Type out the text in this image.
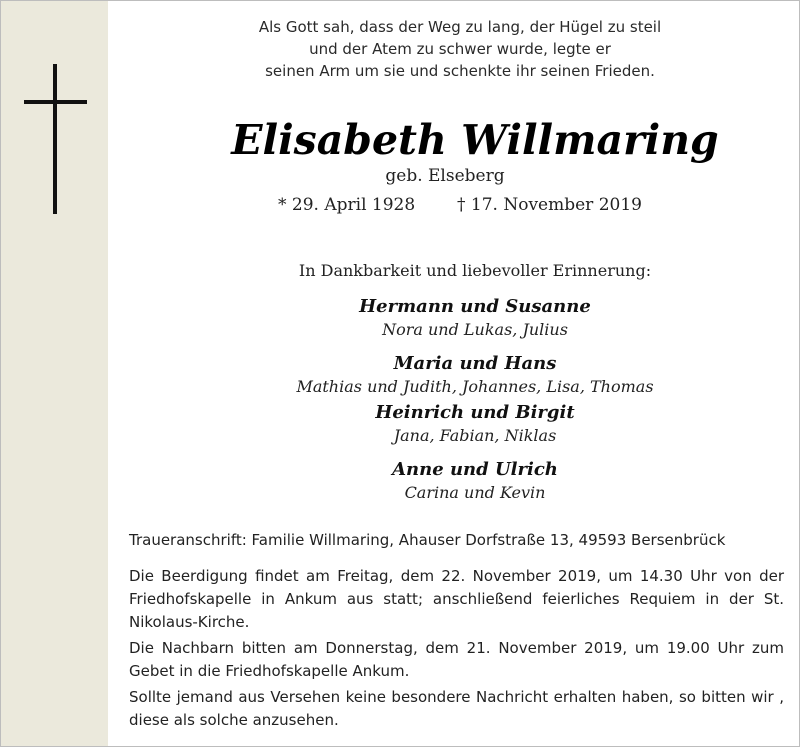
Als Gott sah, dass der Weg zu lang, der Hügel zu steil
und der Atem zu schwer wurde, legte er
seinen Arm um sie und schenkte ihr seinen Frieden.
Elisabeth Willmaring
geb. Elseberg
* 29. April 1928 † 17. November 2019
In Dankbarkeit und liebevoller Erinnerung:
Hermann und Susanne
Nora und Lukas, Julius
Maria und Hans
Mathias und Judith, Johannes, Lisa, Thomas
Heinrich und Birgit
Jana, Fabian, Niklas
Anne und Ulrich
Carina und Kevin
Traueranschrift: Familie Willmaring, Ahauser Dorfstraße 13, 49593 Bersenbrück
Die Beerdigung findet am Freitag, dem 22. November 2019, um 14.30 Uhr von der Friedhofskapelle in Ankum aus statt; anschließend feierliches Requiem in der St. Nikolaus-Kirche.
Die Nachbarn bitten am Donnerstag, dem 21. November 2019, um 19.00 Uhr zum Gebet in die Friedhofskapelle Ankum.
Sollte jemand aus Versehen keine besondere Nachricht erhalten haben, so bitten wir , diese als solche anzusehen.
